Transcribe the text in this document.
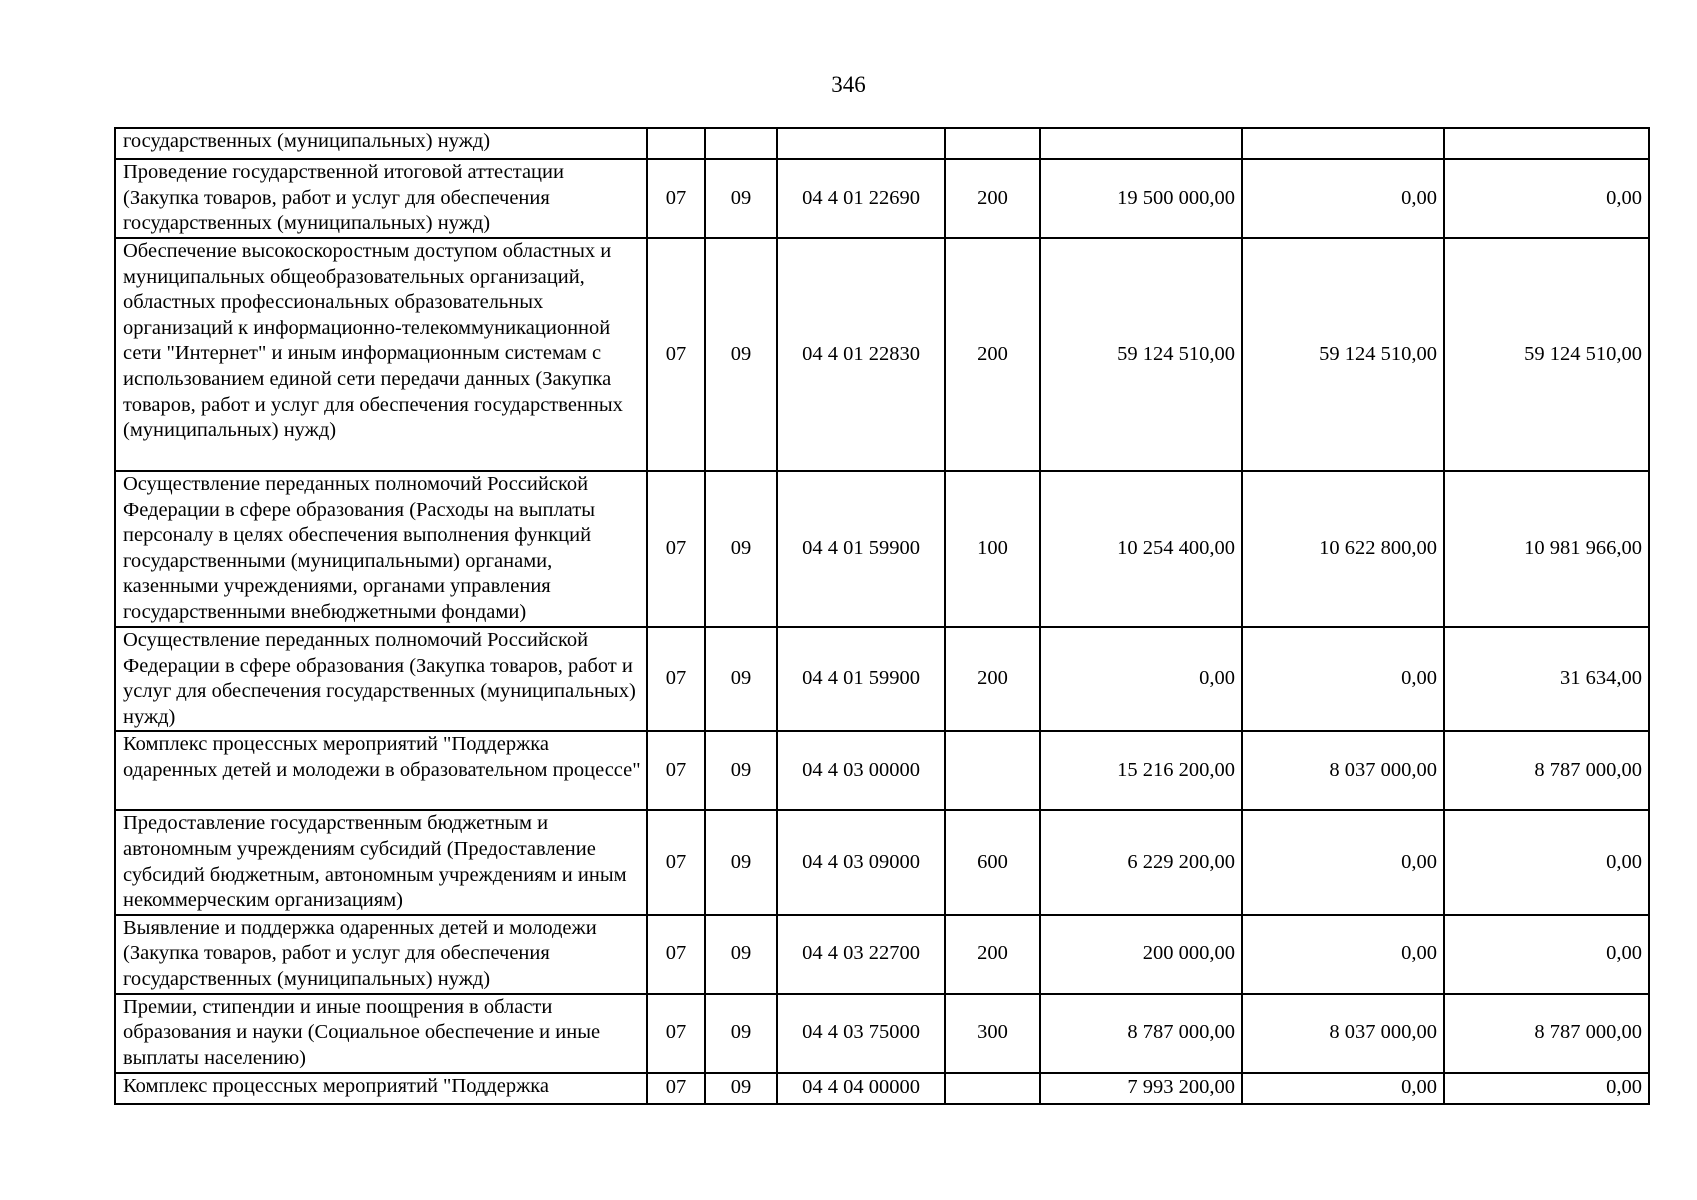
346
государственных (муниципальных) нужд)							
Проведение государственной итоговой аттестации (Закупка товаров, работ и услуг для обеспечения государственных (муниципальных) нужд)	07	09	04 4 01 22690	200	19 500 000,00	0,00	0,00
Обеспечение высокоскоростным доступом областных и муниципальных общеобразовательных организаций, областных профессиональных образовательных организаций к информационно-телекоммуникационной сети "Интернет" и иным информационным системам с использованием единой сети передачи данных (Закупка товаров, работ и услуг для обеспечения государственных (муниципальных) нужд)	07	09	04 4 01 22830	200	59 124 510,00	59 124 510,00	59 124 510,00
Осуществление переданных полномочий Российской Федерации в сфере образования (Расходы на выплаты персоналу в целях обеспечения выполнения функций государственными (муниципальными) органами, казенными учреждениями, органами управления государственными внебюджетными фондами)	07	09	04 4 01 59900	100	10 254 400,00	10 622 800,00	10 981 966,00
Осуществление переданных полномочий Российской Федерации в сфере образования (Закупка товаров, работ и услуг для обеспечения государственных (муниципальных) нужд)	07	09	04 4 01 59900	200	0,00	0,00	31 634,00
Комплекс процессных мероприятий "Поддержка одаренных детей и молодежи в образовательном процессе"	07	09	04 4 03 00000		15 216 200,00	8 037 000,00	8 787 000,00
Предоставление государственным бюджетным и автономным учреждениям субсидий (Предоставление субсидий бюджетным, автономным учреждениям и иным некоммерческим организациям)	07	09	04 4 03 09000	600	6 229 200,00	0,00	0,00
Выявление и поддержка одаренных детей и молодежи (Закупка товаров, работ и услуг для обеспечения государственных (муниципальных) нужд)	07	09	04 4 03 22700	200	200 000,00	0,00	0,00
Премии, стипендии и иные поощрения в области образования и науки (Социальное обеспечение и иные выплаты населению)	07	09	04 4 03 75000	300	8 787 000,00	8 037 000,00	8 787 000,00
Комплекс процессных мероприятий "Поддержка	07	09	04 4 04 00000		7 993 200,00	0,00	0,00
